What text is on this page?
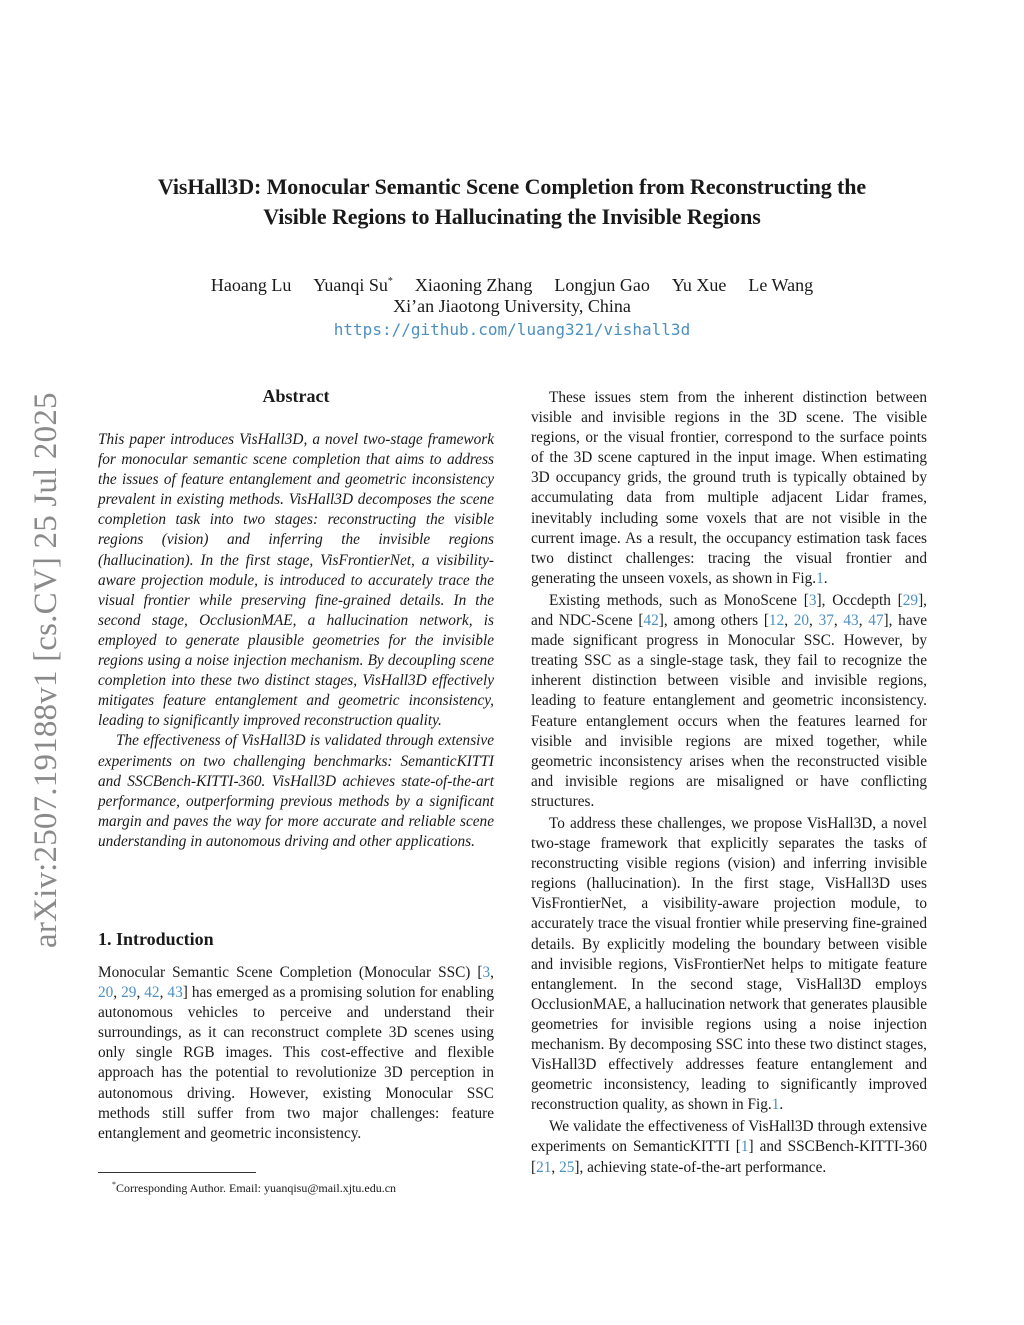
arXiv:2507.19188v1 [cs.CV] 25 Jul 2025
VisHall3D: Monocular Semantic Scene Completion from Reconstructing the
Visible Regions to Hallucinating the Invisible Regions
Haoang Lu Yuanqi Su* Xiaoning Zhang Longjun Gao Yu Xue Le Wang
Xi’an Jiaotong University, China
https://github.com/luang321/vishall3d
Abstract

This paper introduces VisHall3D, a novel two-stage framework for monocular semantic scene completion that aims to address the issues of feature entanglement and geometric inconsistency prevalent in existing methods. VisHall3D decomposes the scene completion task into two stages: reconstructing the visible regions (vision) and inferring the invisible regions (hallucination). In the first stage, VisFrontierNet, a visibility-aware projection module, is introduced to accurately trace the visual frontier while preserving fine-grained details. In the second stage, OcclusionMAE, a hallucination network, is employed to generate plausible geometries for the invisible regions using a noise injection mechanism. By decoupling scene completion into these two distinct stages, VisHall3D effectively mitigates feature entanglement and geometric inconsistency, leading to significantly improved reconstruction quality.

The effectiveness of VisHall3D is validated through extensive experiments on two challenging benchmarks: SemanticKITTI and SSCBench-KITTI-360. VisHall3D achieves state-of-the-art performance, outperforming previous methods by a significant margin and paves the way for more accurate and reliable scene understanding in autonomous driving and other applications.

1. Introduction

Monocular Semantic Scene Completion (Monocular SSC) [3, 20, 29, 42, 43] has emerged as a promising solution for enabling autonomous vehicles to perceive and understand their surroundings, as it can reconstruct complete 3D scenes using only single RGB images. This cost-effective and flexible approach has the potential to revolutionize 3D perception in autonomous driving. However, existing Monocular SSC methods still suffer from two major challenges: feature entanglement and geometric inconsistency.

These issues stem from the inherent distinction between visible and invisible regions in the 3D scene. The visible regions, or the visual frontier, correspond to the surface points of the 3D scene captured in the input image. When estimating 3D occupancy grids, the ground truth is typically obtained by accumulating data from multiple adjacent Lidar frames, inevitably including some voxels that are not visible in the current image. As a result, the occupancy estimation task faces two distinct challenges: tracing the visual frontier and generating the unseen voxels, as shown in Fig.1.

Existing methods, such as MonoScene [3], Occdepth [29], and NDC-Scene [42], among others [12, 20, 37, 43, 47], have made significant progress in Monocular SSC. However, by treating SSC as a single-stage task, they fail to recognize the inherent distinction between visible and invisible regions, leading to feature entanglement and geometric inconsistency. Feature entanglement occurs when the features learned for visible and invisible regions are mixed together, while geometric inconsistency arises when the reconstructed visible and invisible regions are misaligned or have conflicting structures.

To address these challenges, we propose VisHall3D, a novel two-stage framework that explicitly separates the tasks of reconstructing visible regions (vision) and inferring invisible regions (hallucination). In the first stage, VisHall3D uses VisFrontierNet, a visibility-aware projection module, to accurately trace the visual frontier while preserving fine-grained details. By explicitly modeling the boundary between visible and invisible regions, VisFrontierNet helps to mitigate feature entanglement. In the second stage, VisHall3D employs OcclusionMAE, a hallucination network that generates plausible geometries for invisible regions using a noise injection mechanism. By decomposing SSC into these two distinct stages, VisHall3D effectively addresses feature entanglement and geometric inconsistency, leading to significantly improved reconstruction quality, as shown in Fig.1.

We validate the effectiveness of VisHall3D through extensive experiments on SemanticKITTI [1] and SSCBench-KITTI-360 [21, 25], achieving state-of-the-art performance.

*Corresponding Author. Email: yuanqisu@mail.xjtu.edu.cn
